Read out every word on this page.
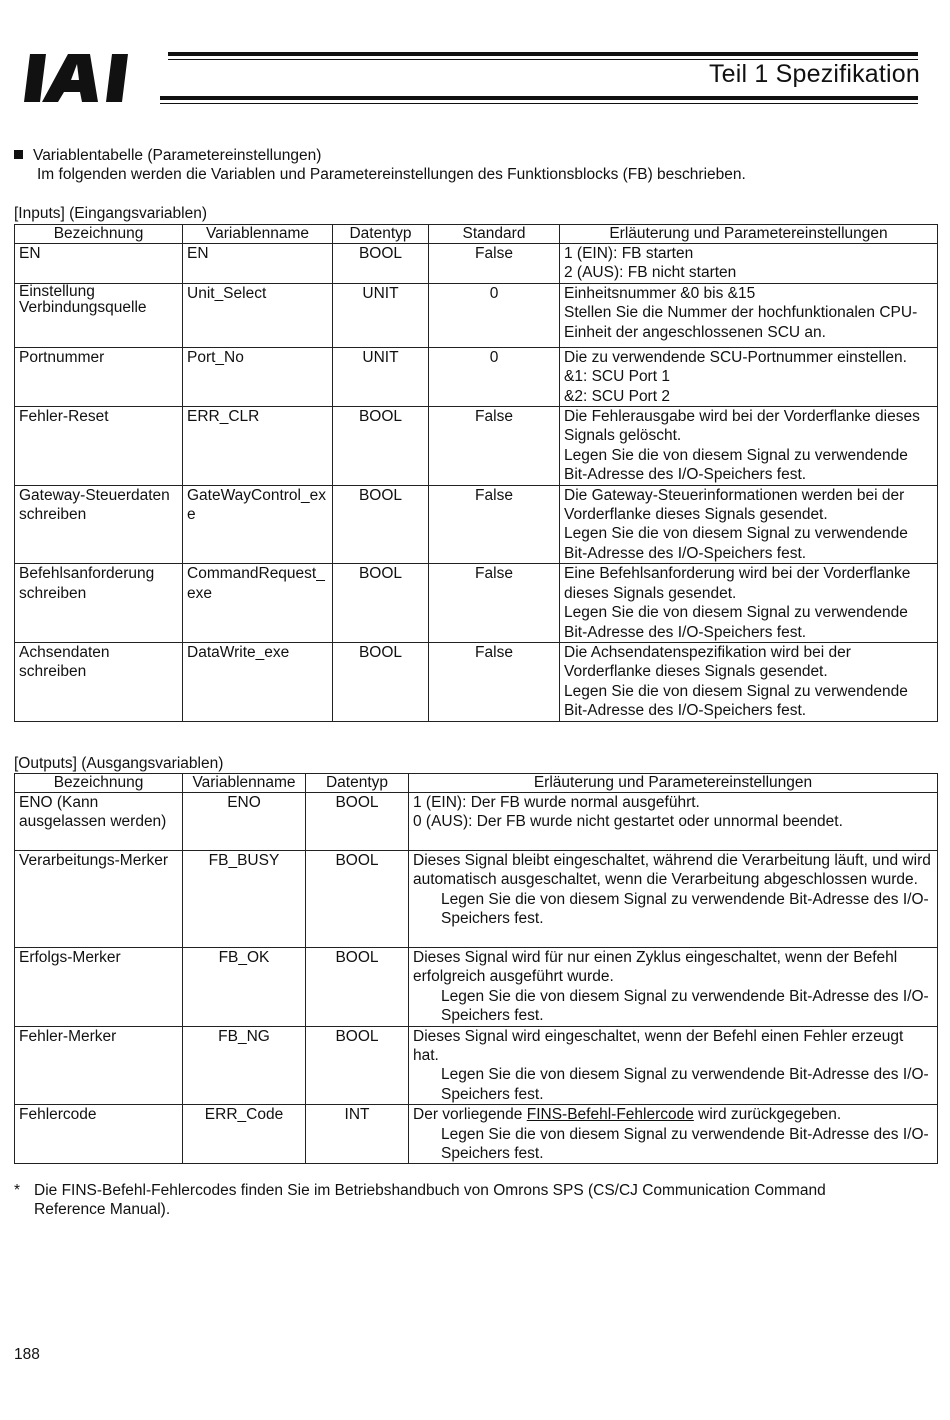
Teil 1 Spezifikation
Variablentabelle (Parametereinstellungen)
Im folgenden werden die Variablen und Parametereinstellungen des Funktionsblocks (FB) beschrieben.
[Inputs] (Eingangsvariablen)
Bezeichnung	Variablenname	Datentyp	Standard	Erläuterung und Parametereinstellungen
EN	EN	BOOL	False	1 (EIN): FB starten
2 (AUS): FB nicht starten

Einstellung Verbindungsquelle	Unit_Select	UNIT	0	Einheitsnummer &0 bis &15
Stellen Sie die Nummer der hochfunktionalen CPU-Einheit der angeschlossenen SCU an.

Portnummer	Port_No	UNIT	0	Die zu verwendende SCU-Portnummer einstellen.
&1: SCU Port 1
&2: SCU Port 2

Fehler-Reset	ERR_CLR	BOOL	False	Die Fehlerausgabe wird bei der Vorderflanke dieses Signals gelöscht.
Legen Sie die von diesem Signal zu verwendende Bit-Adresse des I/O-Speichers fest.

Gateway-Steuerdaten schreiben	GateWayControl_exe	BOOL	False	Die Gateway-Steuerinformationen werden bei der Vorderflanke dieses Signals gesendet.
Legen Sie die von diesem Signal zu verwendende Bit-Adresse des I/O-Speichers fest.

Befehlsanforderung schreiben	CommandRequest_exe	BOOL	False	Eine Befehlsanforderung wird bei der Vorderflanke dieses Signals gesendet.
Legen Sie die von diesem Signal zu verwendende Bit-Adresse des I/O-Speichers fest.

Achsendaten schreiben	DataWrite_exe	BOOL	False	Die Achsendatenspezifikation wird bei der Vorderflanke dieses Signals gesendet.
Legen Sie die von diesem Signal zu verwendende Bit-Adresse des I/O-Speichers fest.
[Outputs] (Ausgangsvariablen)
Bezeichnung	Variablenname	Datentyp	Erläuterung und Parametereinstellungen
ENO (Kann ausgelassen werden)	ENO	BOOL	1 (EIN): Der FB wurde normal ausgeführt.
0 (AUS): Der FB wurde nicht gestartet oder unnormal beendet.

Verarbeitungs-Merker	FB_BUSY	BOOL	Dieses Signal bleibt eingeschaltet, während die Verarbeitung läuft, und wird automatisch ausgeschaltet, wenn die Verarbeitung abgeschlossen wurde.
Legen Sie die von diesem Signal zu verwendende Bit-Adresse des I/O-Speichers fest.

Erfolgs-Merker	FB_OK	BOOL	Dieses Signal wird für nur einen Zyklus eingeschaltet, wenn der Befehl erfolgreich ausgeführt wurde.
Legen Sie die von diesem Signal zu verwendende Bit-Adresse des I/O-Speichers fest.

Fehler-Merker	FB_NG	BOOL	Dieses Signal wird eingeschaltet, wenn der Befehl einen Fehler erzeugt hat.
Legen Sie die von diesem Signal zu verwendende Bit-Adresse des I/O-Speichers fest.

Fehlercode	ERR_Code	INT	Der vorliegende FINS-Befehl-Fehlercode wird zurückgegeben.
Legen Sie die von diesem Signal zu verwendende Bit-Adresse des I/O-Speichers fest.
* Die FINS-Befehl-Fehlercodes finden Sie im Betriebshandbuch von Omrons SPS (CS/CJ Communication Command Reference Manual).
188
